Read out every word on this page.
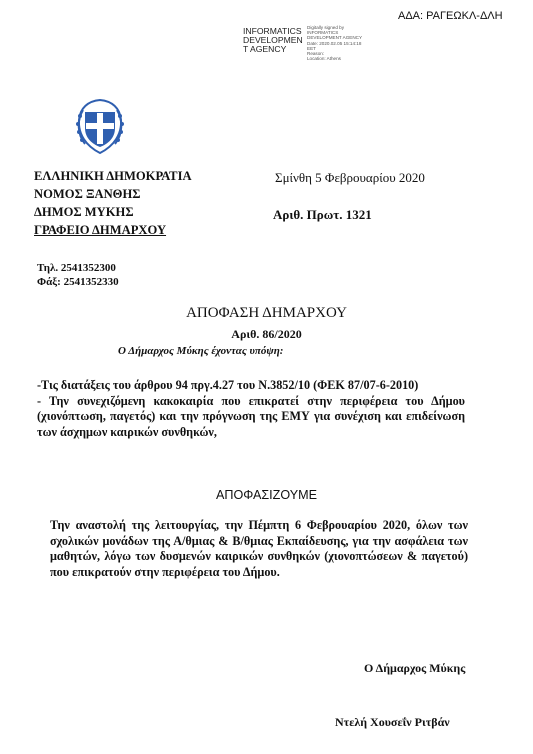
ΑΔΑ: ΡΑΓΕΩΚΛ-ΔΛΗ
INFORMATICS
DEVELOPMEN
T AGENCY
Digitally signed by
INFORMATICS
DEVELOPMENT AGENCY
Date: 2020.02.05 15:14:18
EET
Reason:
Location: Athens
ΕΛΛΗΝΙΚΗ ΔΗΜΟΚΡΑΤΙΑ
ΝΟΜΟΣ ΞΑΝΘΗΣ
ΔΗΜΟΣ ΜΥΚΗΣ
ΓΡΑΦΕΙΟ ΔΗΜΑΡΧΟΥ
Σμίνθη 5 Φεβρουαρίου 2020
Αριθ. Πρωτ. 1321
Τηλ. 2541352300
Φάξ: 2541352330
ΑΠΟΦΑΣΗ ΔΗΜΑΡΧΟΥ
Αριθ. 86/2020
Ο Δήμαρχος Μύκης έχοντας υπόψη:
-Τις διατάξεις του άρθρου 94 πργ.4.27 του Ν.3852/10 (ΦΕΚ 87/07-6-2010)
- Την συνεχιζόμενη κακοκαιρία που επικρατεί στην περιφέρεια του Δήμου (χιονόπτωση, παγετός) και την πρόγνωση της ΕΜΥ για συνέχιση και επιδείνωση των άσχημων καιρικών συνθηκών,
ΑΠΟΦΑΣΙΖΟΥΜΕ
Την αναστολή της λειτουργίας, την Πέμπτη 6 Φεβρουαρίου 2020, όλων των σχολικών μονάδων της Α/θμιας & Β/θμιας Εκπαίδευσης, για την ασφάλεια των μαθητών, λόγω των δυσμενών καιρικών συνθηκών (χιονοπτώσεων & παγετού) που επικρατούν στην περιφέρεια του Δήμου.
Ο Δήμαρχος Μύκης
Ντελή Χουσεΐν Ριτβάν
